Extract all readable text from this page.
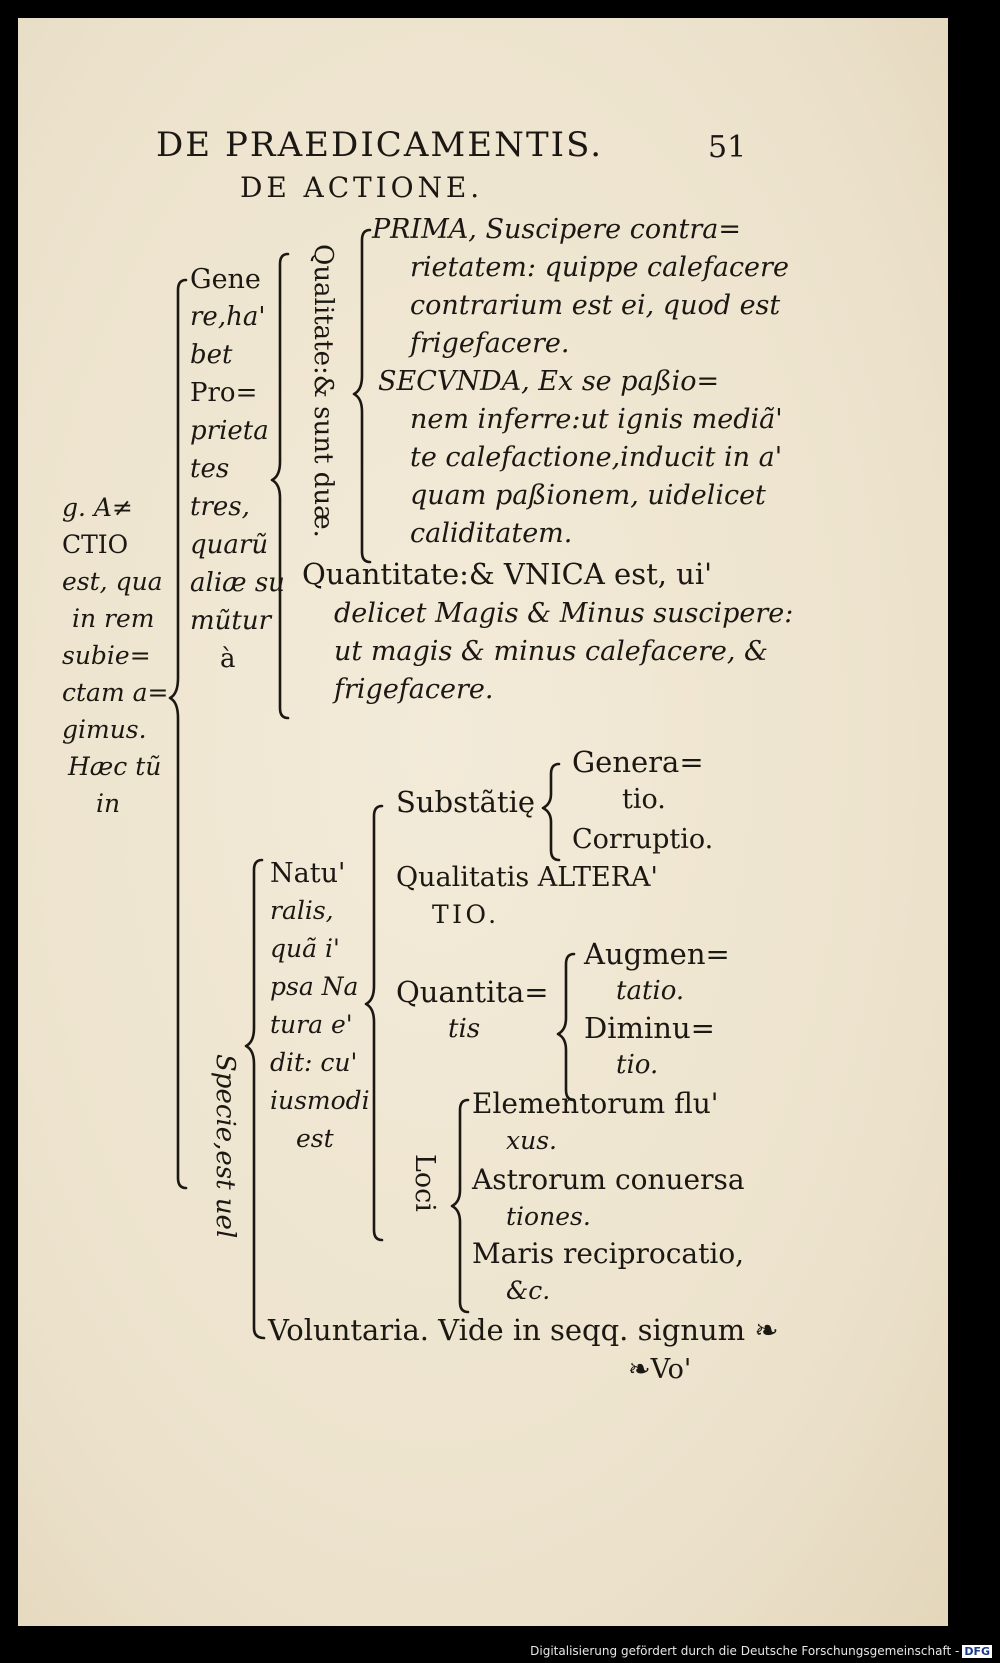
DE PRAEDICAMENTIS.	51
DE ACTIONE.
g. A≠
CTIO
est, qua
in rem
subie=
ctam a=
gimus.
Hæc tũ
in
Gene
re,ha'
bet
Pro=
prieta
tes
tres,
quarũ
aliæ su
mũtur
à
Qualitate:& sunt duæ.
PRIMA, Suscipere contra=
rietatem: quippe calefacere
contrarium est ei, quod est
frigefacere.
SECVNDA, Ex se paßio=
nem inferre:ut ignis mediã'
te calefactione,inducit in a'
quam paßionem, uidelicet
caliditatem.
Quantitate:& VNICA est, ui'
delicet Magis & Minus suscipere:
ut magis & minus calefacere, &
frigefacere.
Specie,est uel
Natu'
ralis,
quã i'
psa Na
tura e'
dit: cu'
iusmodi
est
Substãtię
Genera=
tio.
Corruptio.
Qualitatis ALTERA'
TIO.
Quantita=
tis
Augmen=
tatio.
Diminu=
tio.
Loci
Elementorum flu'
xus.
Astrorum conuersa
tiones.
Maris reciprocatio,
&c.
Voluntaria. Vide in seqq. signum ❧
❧Vo'
Digitalisierung gefördert durch die Deutsche Forschungsgemeinschaft - DFG
